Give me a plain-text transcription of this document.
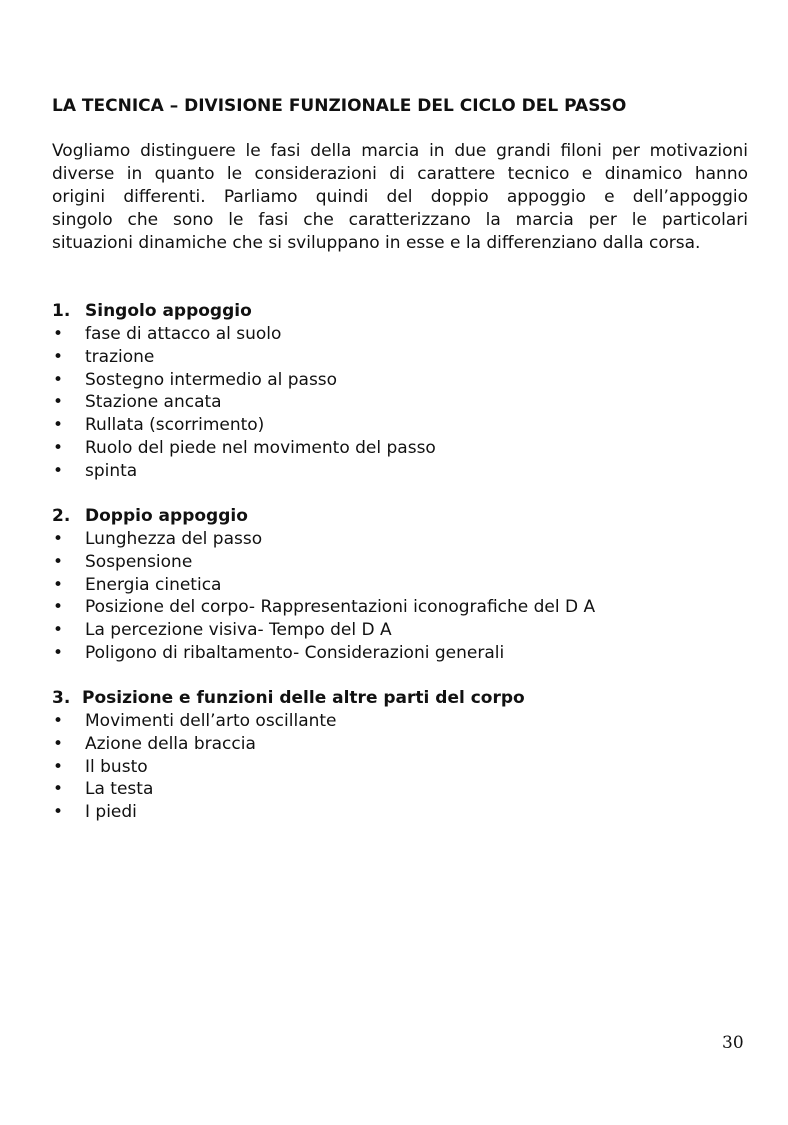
LA TECNICA – DIVISIONE FUNZIONALE DEL CICLO DEL PASSO
Vogliamo distinguere le fasi della marcia in due grandi filoni per motivazioni
diverse in quanto le considerazioni di carattere tecnico e dinamico hanno
origini differenti. Parliamo quindi del doppio appoggio e dell’appoggio
singolo che sono le fasi che caratterizzano la marcia per le particolari
situazioni dinamiche che si sviluppano in esse e la differenziano dalla corsa.
1. Singolo appoggio
•	fase di attacco al suolo
•	trazione
•	Sostegno intermedio al passo
•	Stazione ancata
•	Rullata (scorrimento)
•	Ruolo del piede nel movimento del passo
•	spinta
2. Doppio appoggio
•	Lunghezza del passo
•	Sospensione
•	Energia cinetica
•	Posizione del corpo- Rappresentazioni iconografiche del D A
•	La percezione visiva- Tempo del D A
•	Poligono di ribaltamento- Considerazioni generali
3. Posizione e funzioni delle altre parti del corpo
•	Movimenti dell’arto oscillante
•	Azione della braccia
•	Il busto
•	La testa
•	I piedi
30
